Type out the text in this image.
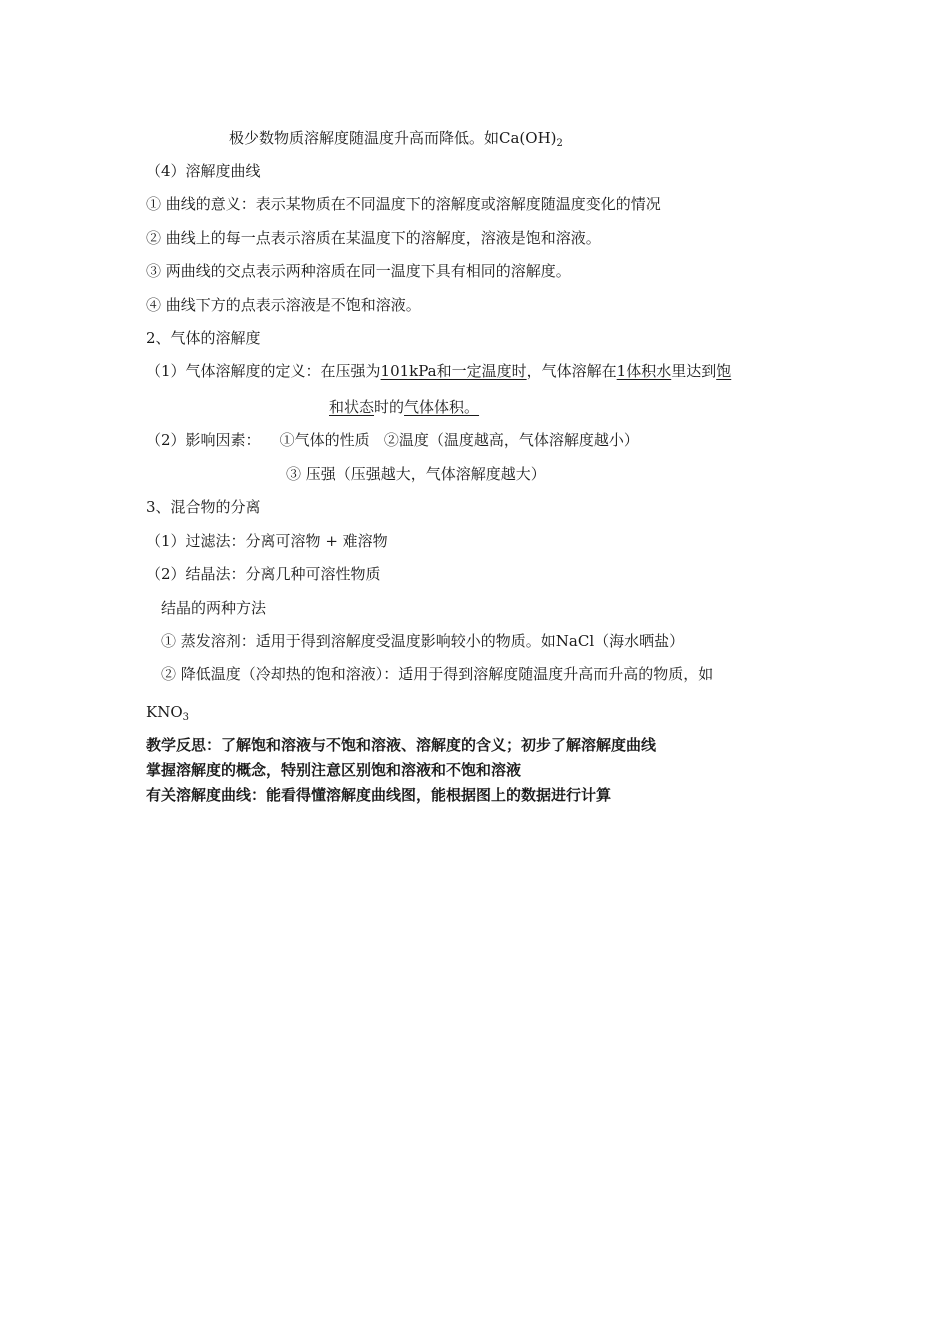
极少数物质溶解度随温度升高而降低。如$Ca(OH)_2$
（4）溶解度曲线
① 曲线的意义：表示某物质在不同温度下的溶解度或溶解度随温度变化的情况
② 曲线上的每一点表示溶质在某温度下的溶解度，溶液是饱和溶液。
③ 两曲线的交点表示两种溶质在同一温度下具有相同的溶解度。
④ 曲线下方的点表示溶液是不饱和溶液。
2、气体的溶解度
（1）气体溶解度的定义：在压强为101kPa和一定温度时，气体溶解在1体积水里达到饱
和状态时的气体体积。
（2）影响因素：    ①气体的性质   ②温度（温度越高，气体溶解度越小）
③ 压强（压强越大，气体溶解度越大）
3、混合物的分离
（1）过滤法：分离可溶物 + 难溶物
（2）结晶法：分离几种可溶性物质
结晶的两种方法
① 蒸发溶剂：适用于得到溶解度受温度影响较小的物质。如NaCl（海水晒盐）
② 降低温度（冷却热的饱和溶液）：适用于得到溶解度随温度升高而升高的物质，如
$KNO_3$
教学反思：了解饱和溶液与不饱和溶液、溶解度的含义；初步了解溶解度曲线
掌握溶解度的概念，特别注意区别饱和溶液和不饱和溶液
有关溶解度曲线：能看得懂溶解度曲线图，能根据图上的数据进行计算
